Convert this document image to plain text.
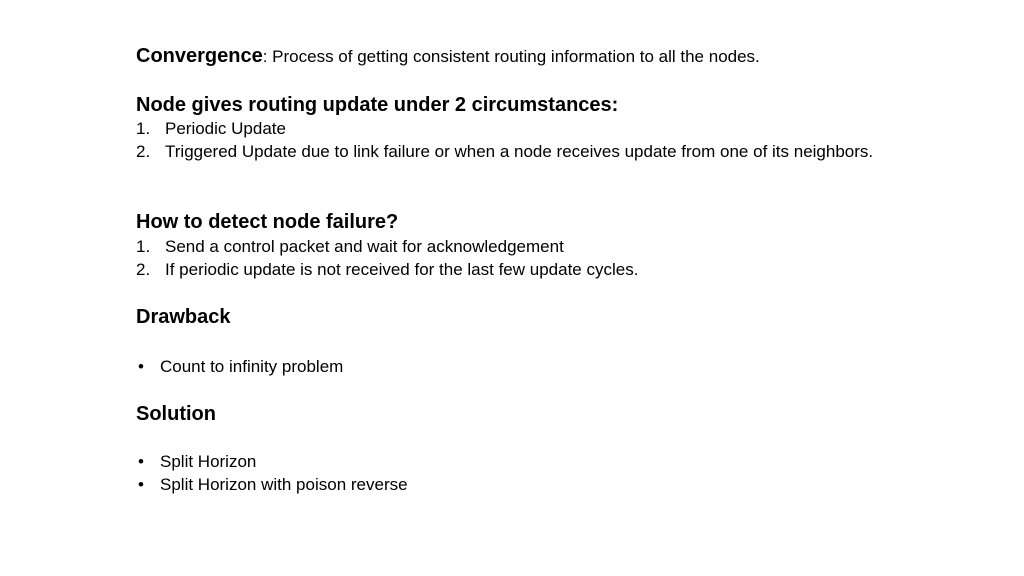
Convergence: Process of getting consistent routing information to all the nodes.
Node gives routing update under 2 circumstances:
1. Periodic Update
2. Triggered Update due to link failure or when a node receives update from one of its neighbors.
How to detect node failure?
1. Send a control packet and wait for acknowledgement
2. If periodic update is not received for the last few update cycles.
Drawback
• Count to infinity problem
Solution
• Split Horizon
• Split Horizon with poison reverse
